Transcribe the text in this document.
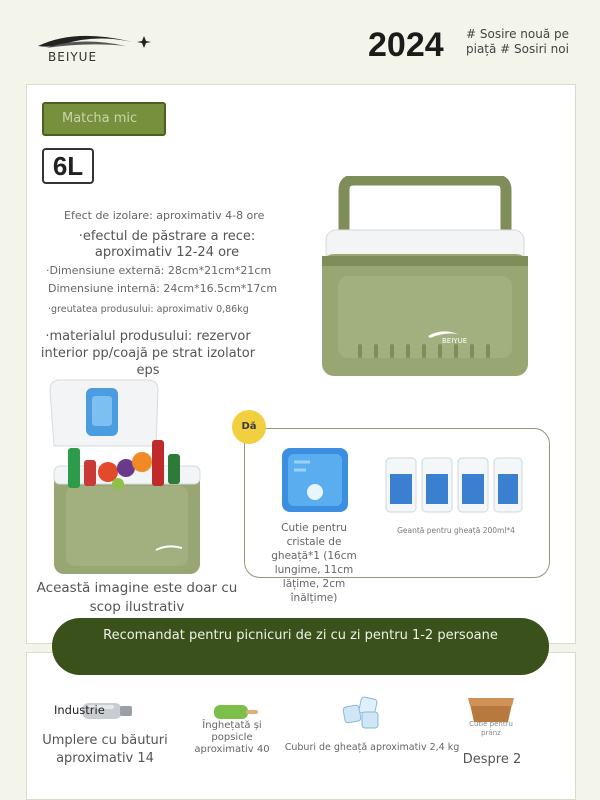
BEIYUE	2024 # Sosire nouă pe piață # Sosiri noi
Matcha mic
6L
Efect de izolare: aproximativ 4-8 ore
·efectul de păstrare a rece: aproximativ 12-24 ore
·Dimensiune externă: 28cm*21cm*21cm
Dimensiune internă: 24cm*16.5cm*17cm
·greutatea produsului: aproximativ 0,86kg
·materialul produsului: rezervor interior pp/coajă pe strat izolator eps
BEIYUE
Această imagine este doar cu scop ilustrativ
Dă
Cutie pentru cristale de gheață*1 (16cm lungime, 11cm lățime, 2cm înălțime)
Geantă pentru gheață 200ml*4
Recomandat pentru picnicuri de zi cu zi pentru 1-2 persoane
Industrie
Umplere cu băuturi aproximativ 14
Înghețată și popsicle aproximativ 40 Cuburi de gheață aproximativ 2,4 kg
Cutie pentru prânz
Despre 2
